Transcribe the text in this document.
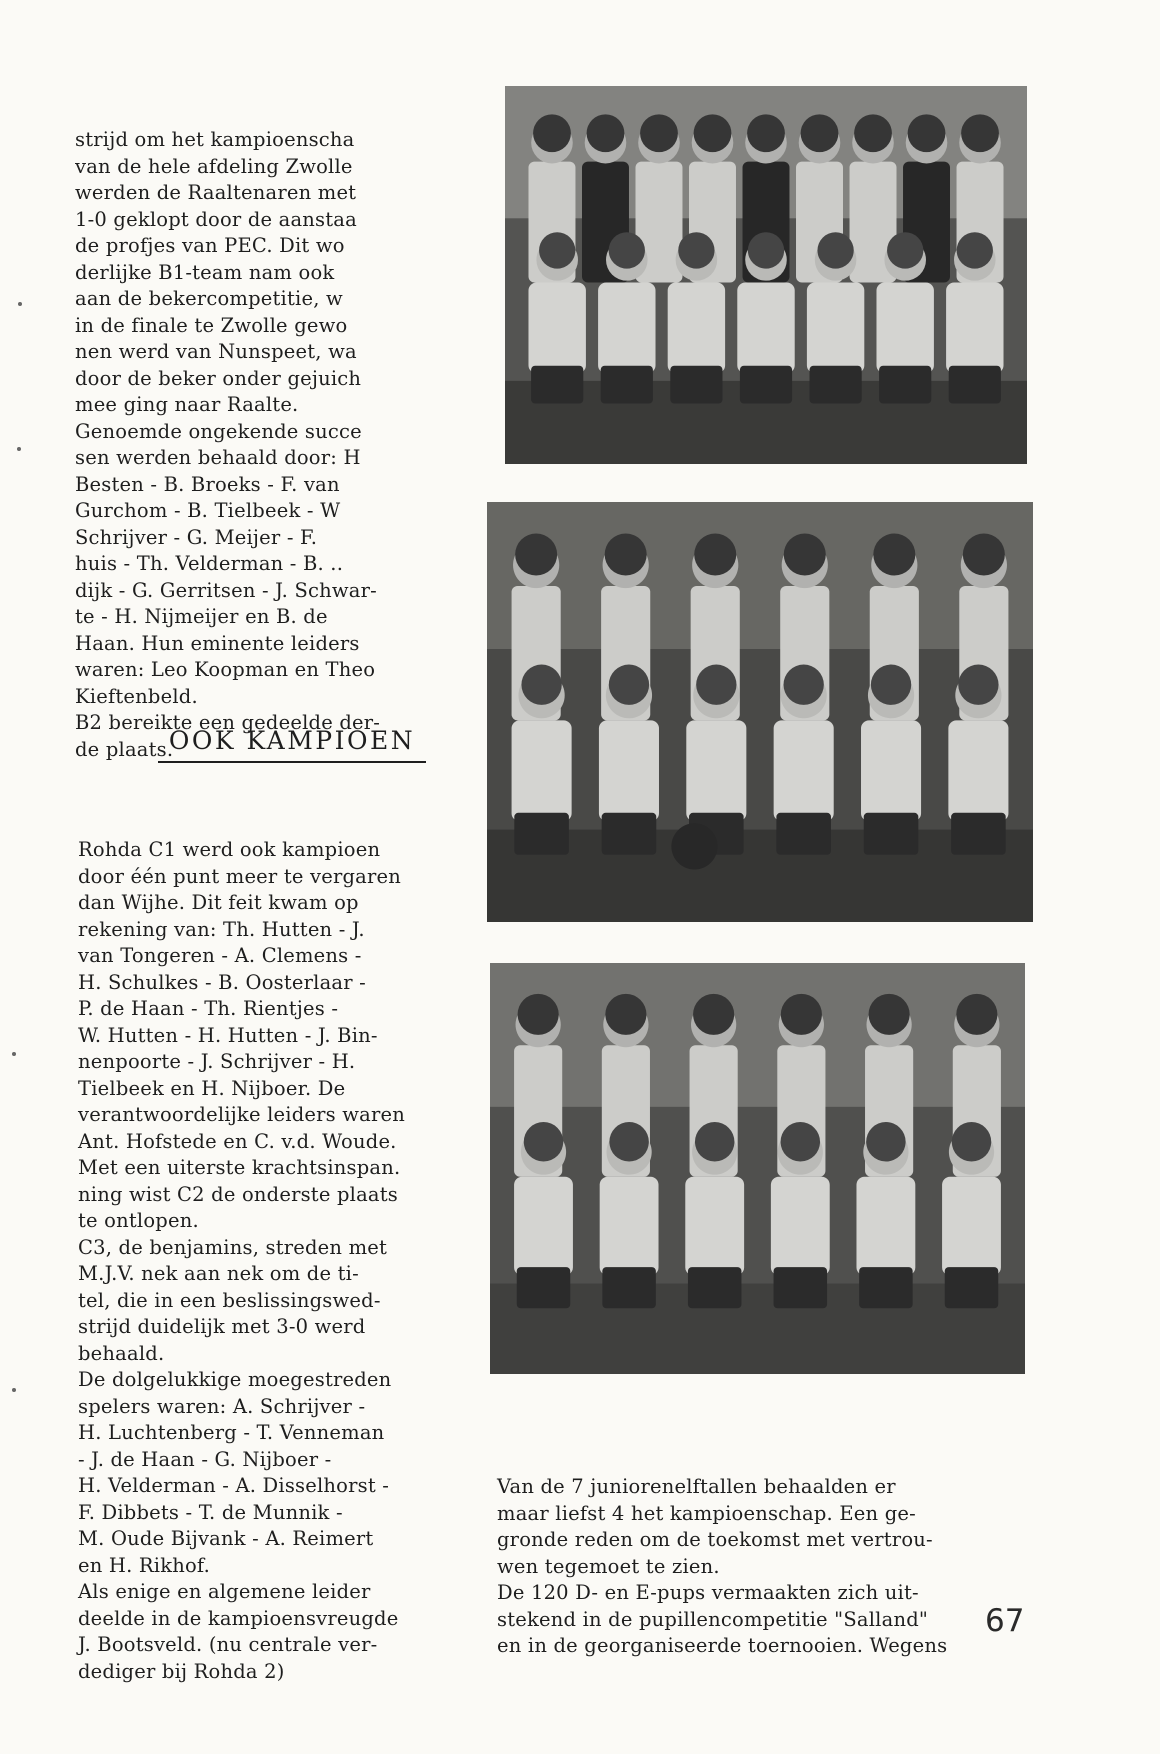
strijd om het kampioenscha
van de hele afdeling Zwolle
werden de Raaltenaren met
1-0 geklopt door de aanstaa
de profjes van PEC. Dit wo
derlijke B1-team nam ook
aan de bekercompetitie, w
in de finale te Zwolle gewo
nen werd van Nunspeet, wa
door de beker onder gejuich
mee ging naar Raalte.
Genoemde ongekende succe
sen werden behaald door: H
Besten - B. Broeks - F. van
Gurchom - B. Tielbeek - W
Schrijver - G. Meijer - F.
huis - Th. Velderman - B. ..
dijk - G. Gerritsen - J. Schwar-
te - H. Nijmeijer en B. de
Haan. Hun eminente leiders
waren: Leo Koopman en Theo
Kieftenbeld.
B2 bereikte een gedeelde der-
de plaats.

OOK KAMPIOEN

Rohda C1 werd ook kampioen
door één punt meer te vergaren
dan Wijhe. Dit feit kwam op
rekening van: Th. Hutten - J.
van Tongeren - A. Clemens -
H. Schulkes - B. Oosterlaar -
P. de Haan - Th. Rientjes -
W. Hutten - H. Hutten - J. Bin-
nenpoorte - J. Schrijver - H.
Tielbeek en H. Nijboer. De
verantwoordelijke leiders waren
Ant. Hofstede en C. v.d. Woude.
Met een uiterste krachtsinspan.
ning wist C2 de onderste plaats
te ontlopen.
C3, de benjamins, streden met
M.J.V. nek aan nek om de ti-
tel, die in een beslissingswed-
strijd duidelijk met 3-0 werd
behaald.
De dolgelukkige moegestreden
spelers waren: A. Schrijver -
H. Luchtenberg - T. Venneman
- J. de Haan - G. Nijboer -
H. Velderman - A. Disselhorst -
F. Dibbets - T. de Munnik -
M. Oude Bijvank - A. Reimert
en H. Rikhof.
Als enige en algemene leider
deelde in de kampioensvreugde
J. Bootsveld. (nu centrale ver-
dediger bij Rohda 2)

Van de 7 juniorenelftallen behaalden er
maar liefst 4 het kampioenschap. Een ge-
gronde reden om de toekomst met vertrou-
wen tegemoet te zien.
De 120 D- en E-pups vermaakten zich uit-
stekend in de pupillencompetitie "Salland"
en in de georganiseerde toernooien. Wegens

67
